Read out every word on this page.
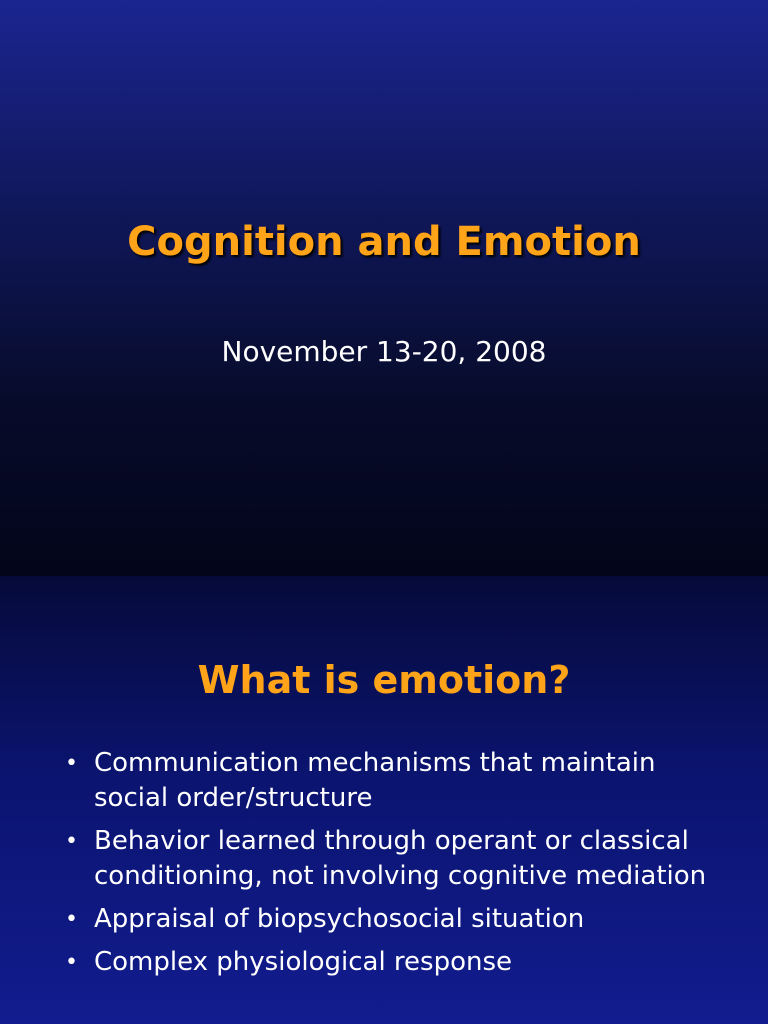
Cognition and Emotion

November 13-20, 2008

What is emotion?
• Communication mechanisms that maintain social order/structure
• Behavior learned through operant or classical conditioning, not involving cognitive mediation
• Appraisal of biopsychosocial situation
• Complex physiological response
